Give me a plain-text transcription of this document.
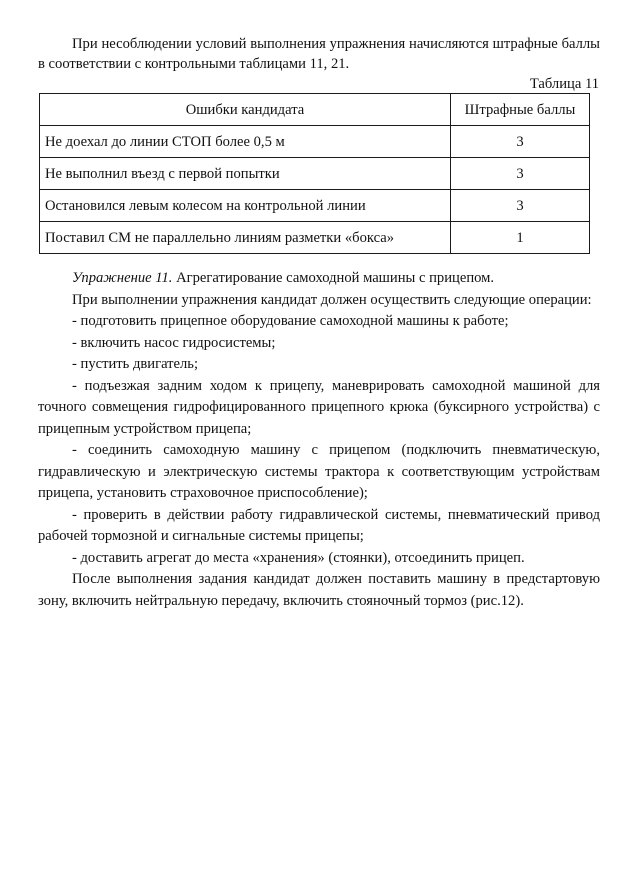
При несоблюдении условий выполнения упражнения начисляются штрафные баллы в соответствии с контрольными таблицами 11, 21.

Таблица 11

Ошибки кандидата	Штрафные баллы
Не доехал до линии СТОП более 0,5 м	3
Не выполнил въезд с первой попытки	3
Остановился левым колесом на контрольной линии	3
Поставил СМ не параллельно линиям разметки «бокса»	1

Упражнение 11. Агрегатирование самоходной машины с прицепом.

При выполнении упражнения кандидат должен осуществить следующие операции:

- подготовить прицепное оборудование самоходной машины к работе;

- включить насос гидросистемы;

- пустить двигатель;

- подъезжая задним ходом к прицепу, маневрировать самоходной машиной для точного совмещения гидрофицированного прицепного крюка (буксирного устройства) с прицепным устройством прицепа;

- соединить самоходную машину с прицепом (подключить пневматическую, гидравлическую и электрическую системы трактора к соответствующим устройствам прицепа, установить страховочное приспособление);

- проверить в действии работу гидравлической системы, пневматический привод рабочей тормозной и сигнальные системы прицепы;

- доставить агрегат до места «хранения» (стоянки), отсоединить прицеп.

После выполнения задания кандидат должен поставить машину в предстартовую зону, включить нейтральную передачу, включить стояночный тормоз (рис.12).
